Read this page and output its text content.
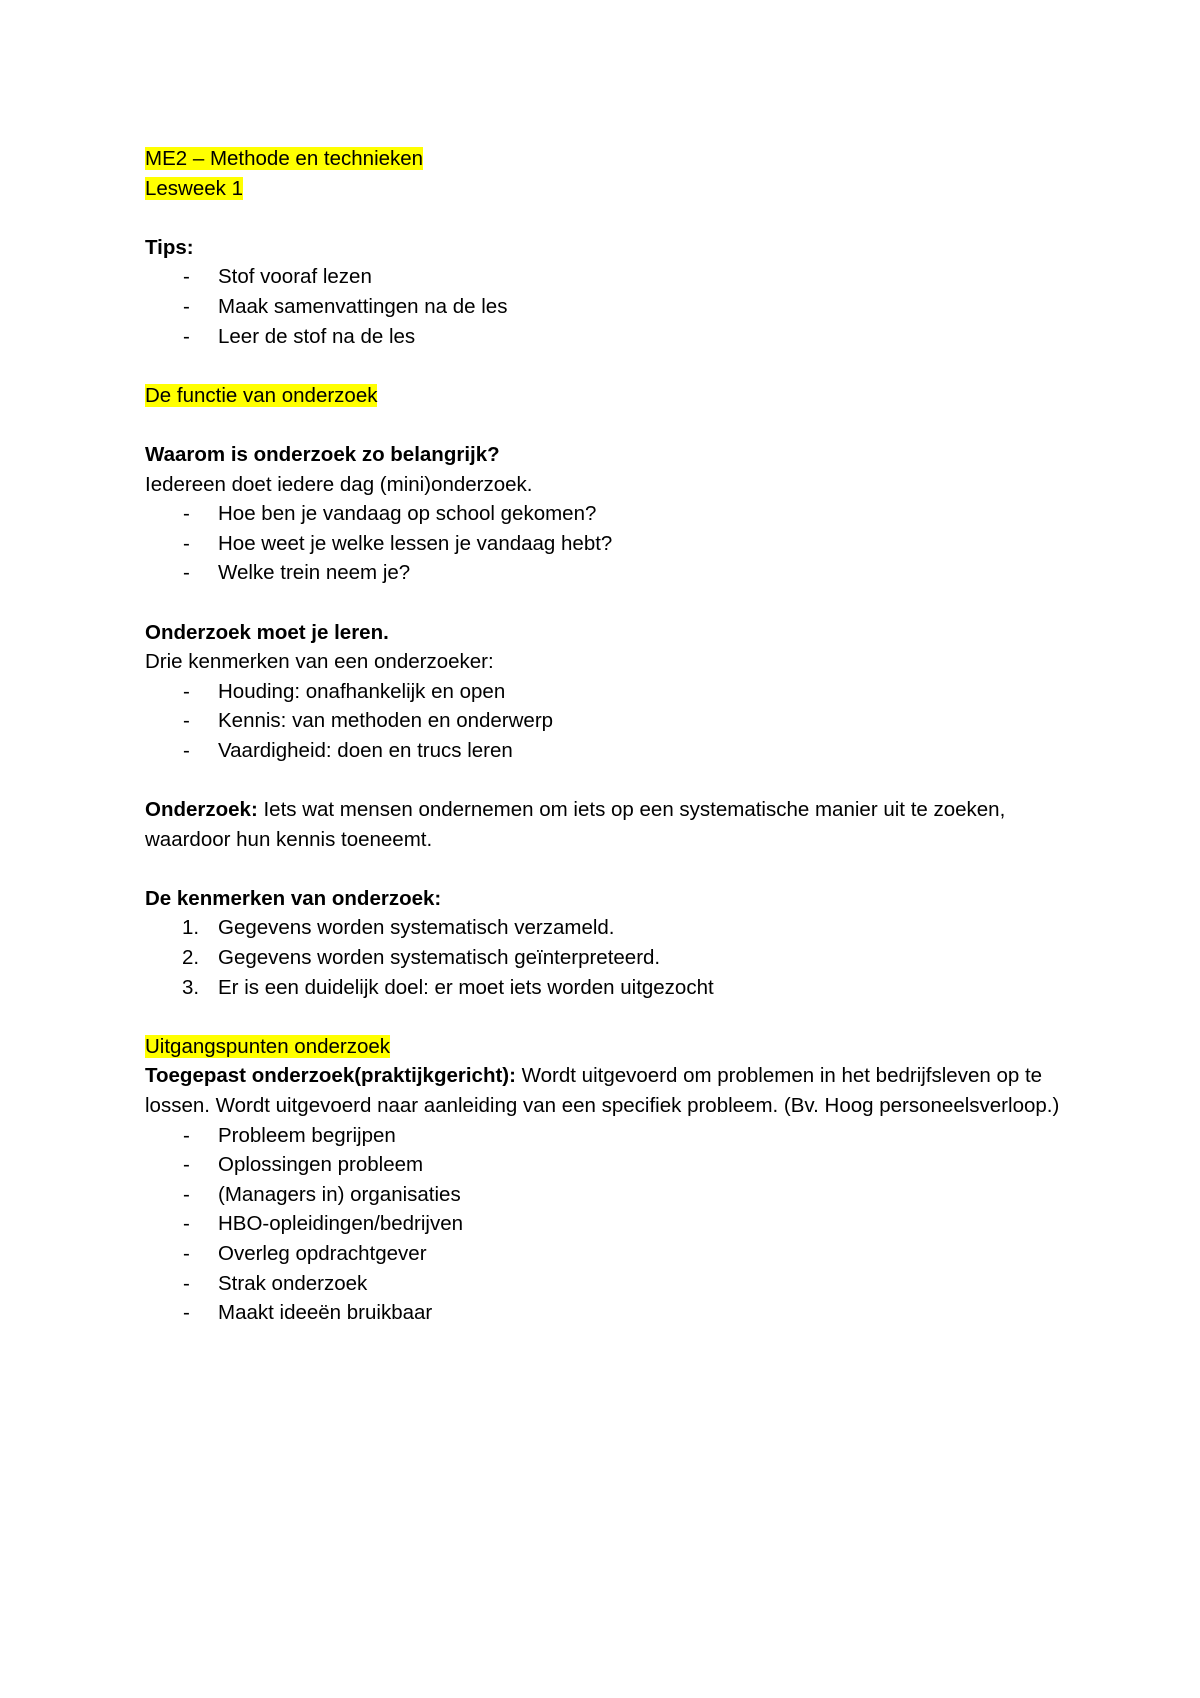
ME2 – Methode en technieken

Lesweek 1

Tips:

- Stof vooraf lezen
- Maak samenvattingen na de les
- Leer de stof na de les

De functie van onderzoek

Waarom is onderzoek zo belangrijk?

Iedereen doet iedere dag (mini)onderzoek.

- Hoe ben je vandaag op school gekomen?
- Hoe weet je welke lessen je vandaag hebt?
- Welke trein neem je?

Onderzoek moet je leren.

Drie kenmerken van een onderzoeker:

- Houding: onafhankelijk en open
- Kennis: van methoden en onderwerp
- Vaardigheid: doen en trucs leren

Onderzoek: Iets wat mensen ondernemen om iets op een systematische manier uit te zoeken, waardoor hun kennis toeneemt.

De kenmerken van onderzoek:

1. Gegevens worden systematisch verzameld.
2. Gegevens worden systematisch geïnterpreteerd.
3. Er is een duidelijk doel: er moet iets worden uitgezocht

Uitgangspunten onderzoek

Toegepast onderzoek(praktijkgericht): Wordt uitgevoerd om problemen in het bedrijfsleven op te lossen. Wordt uitgevoerd naar aanleiding van een specifiek probleem. (Bv. Hoog personeelsverloop.)

- Probleem begrijpen
- Oplossingen probleem
- (Managers in) organisaties
- HBO-opleidingen/bedrijven
- Overleg opdrachtgever
- Strak onderzoek
- Maakt ideeën bruikbaar
